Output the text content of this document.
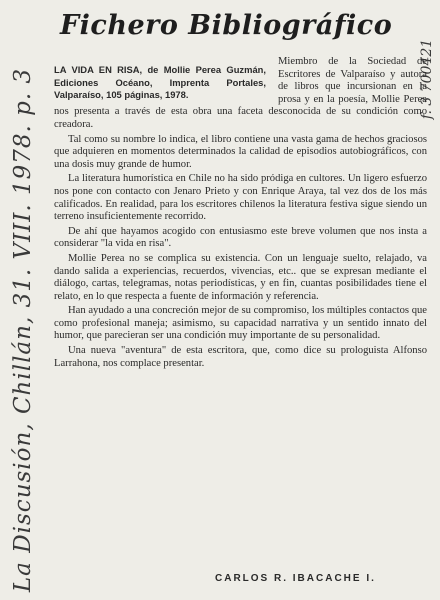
La Discusión, Chillán, 31. VIII. 1978. p. 3	f. 3 700421
Fichero Bibliográfico
LA VIDA EN RISA, de Mollie Perea Guzmán, Ediciones Océano, Imprenta Portales, Valparaíso, 105 páginas, 1978.

Miembro de la Sociedad de Escritores de Valparaíso y autora de libros que incursionan en la prosa y en la poesía, Mollie Perea nos presenta a través de esta obra una faceta desconocida de su condición como creadora.

Tal como su nombre lo indica, el libro contiene una vasta gama de hechos graciosos que adquieren en momentos determinados la calidad de episodios autobiográficos, con una dosis muy grande de humor.

La literatura humorística en Chile no ha sido pródiga en cultores. Un ligero esfuerzo nos pone con contacto con Jenaro Prieto y con Enrique Araya, tal vez dos de los más calificados. En realidad, para los escritores chilenos la literatura festiva sigue siendo un terreno insuficientemente recorrido.

De ahí que hayamos acogido con entusiasmo este breve volumen que nos insta a considerar "la vida en risa".

Mollie Perea no se complica su existencia. Con un lenguaje suelto, relajado, va dando salida a experiencias, recuerdos, vivencias, etc.. que se expresan mediante el diálogo, cartas, telegramas, notas periodísticas, y en fin, cuantas posibilidades tiene el relato, en lo que respecta a fuente de información y referencia.

Han ayudado a una concreción mejor de su compromiso, los múltiples contactos que como profesional maneja; asimismo, su capacidad narrativa y un sentido innato del humor, que parecieran ser una condición muy importante de su personalidad.

Una nueva "aventura" de esta escritora, que, como dice su prologuista Alfonso Larrahona, nos complace presentar.

CARLOS R. IBACACHE I.
